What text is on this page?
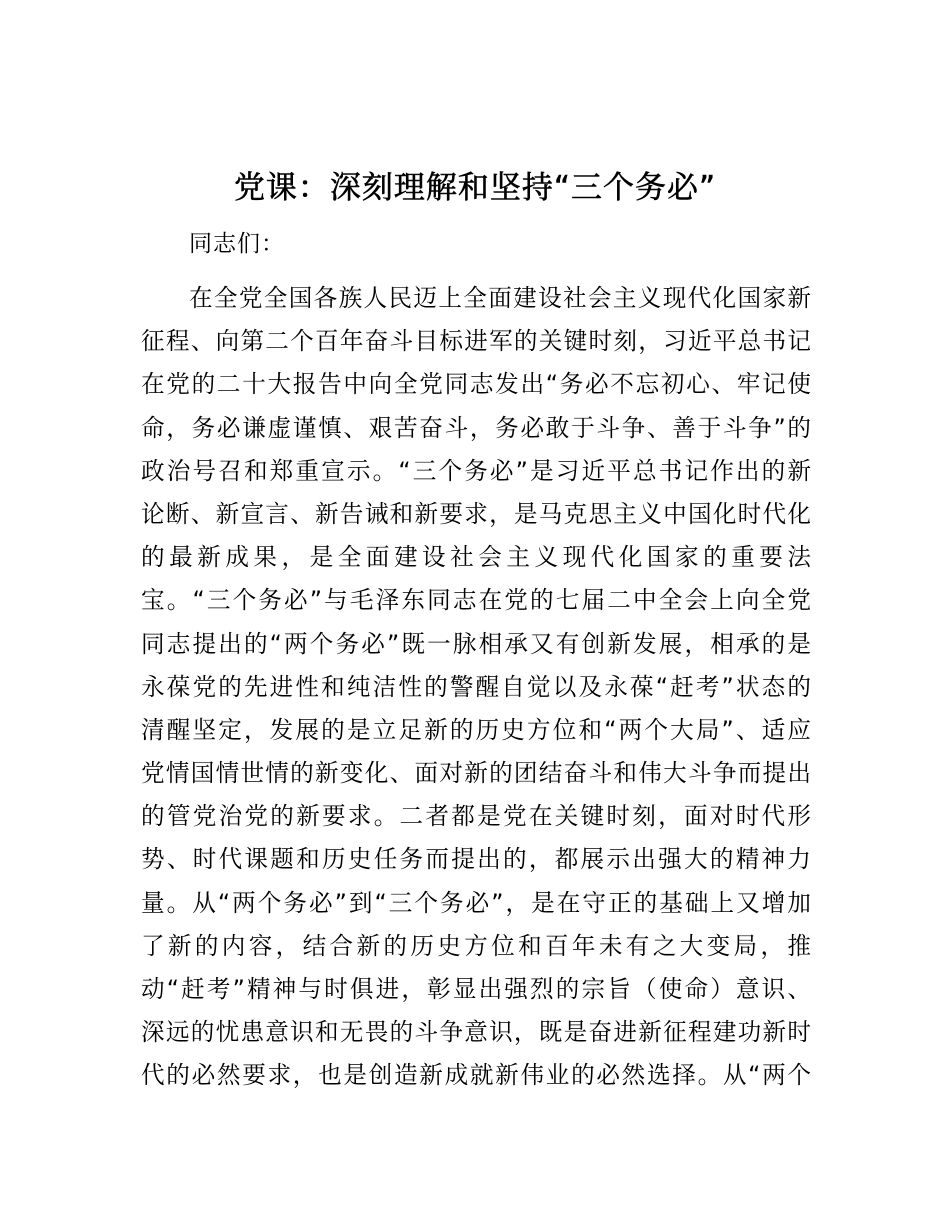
党课：深刻理解和坚持“三个务必”

同志们：

在全党全国各族人民迈上全面建设社会主义现代化国家新
征程、向第二个百年奋斗目标进军的关键时刻，习近平总书记
在党的二十大报告中向全党同志发出“务必不忘初心、牢记使
命，务必谦虚谨慎、艰苦奋斗，务必敢于斗争、善于斗争”的
政治号召和郑重宣示。“三个务必”是习近平总书记作出的新
论断、新宣言、新告诫和新要求，是马克思主义中国化时代化
的最新成果，是全面建设社会主义现代化国家的重要法
宝。“三个务必”与毛泽东同志在党的七届二中全会上向全党
同志提出的“两个务必”既一脉相承又有创新发展，相承的是
永葆党的先进性和纯洁性的警醒自觉以及永葆“赶考”状态的
清醒坚定，发展的是立足新的历史方位和“两个大局”、适应
党情国情世情的新变化、面对新的团结奋斗和伟大斗争而提出
的管党治党的新要求。二者都是党在关键时刻，面对时代形
势、时代课题和历史任务而提出的，都展示出强大的精神力
量。从“两个务必”到“三个务必”，是在守正的基础上又增加
了新的内容，结合新的历史方位和百年未有之大变局，推
动“赶考”精神与时俱进，彰显出强烈的宗旨（使命）意识、
深远的忧患意识和无畏的斗争意识，既是奋进新征程建功新时
代的必然要求，也是创造新成就新伟业的必然选择。从“两个
